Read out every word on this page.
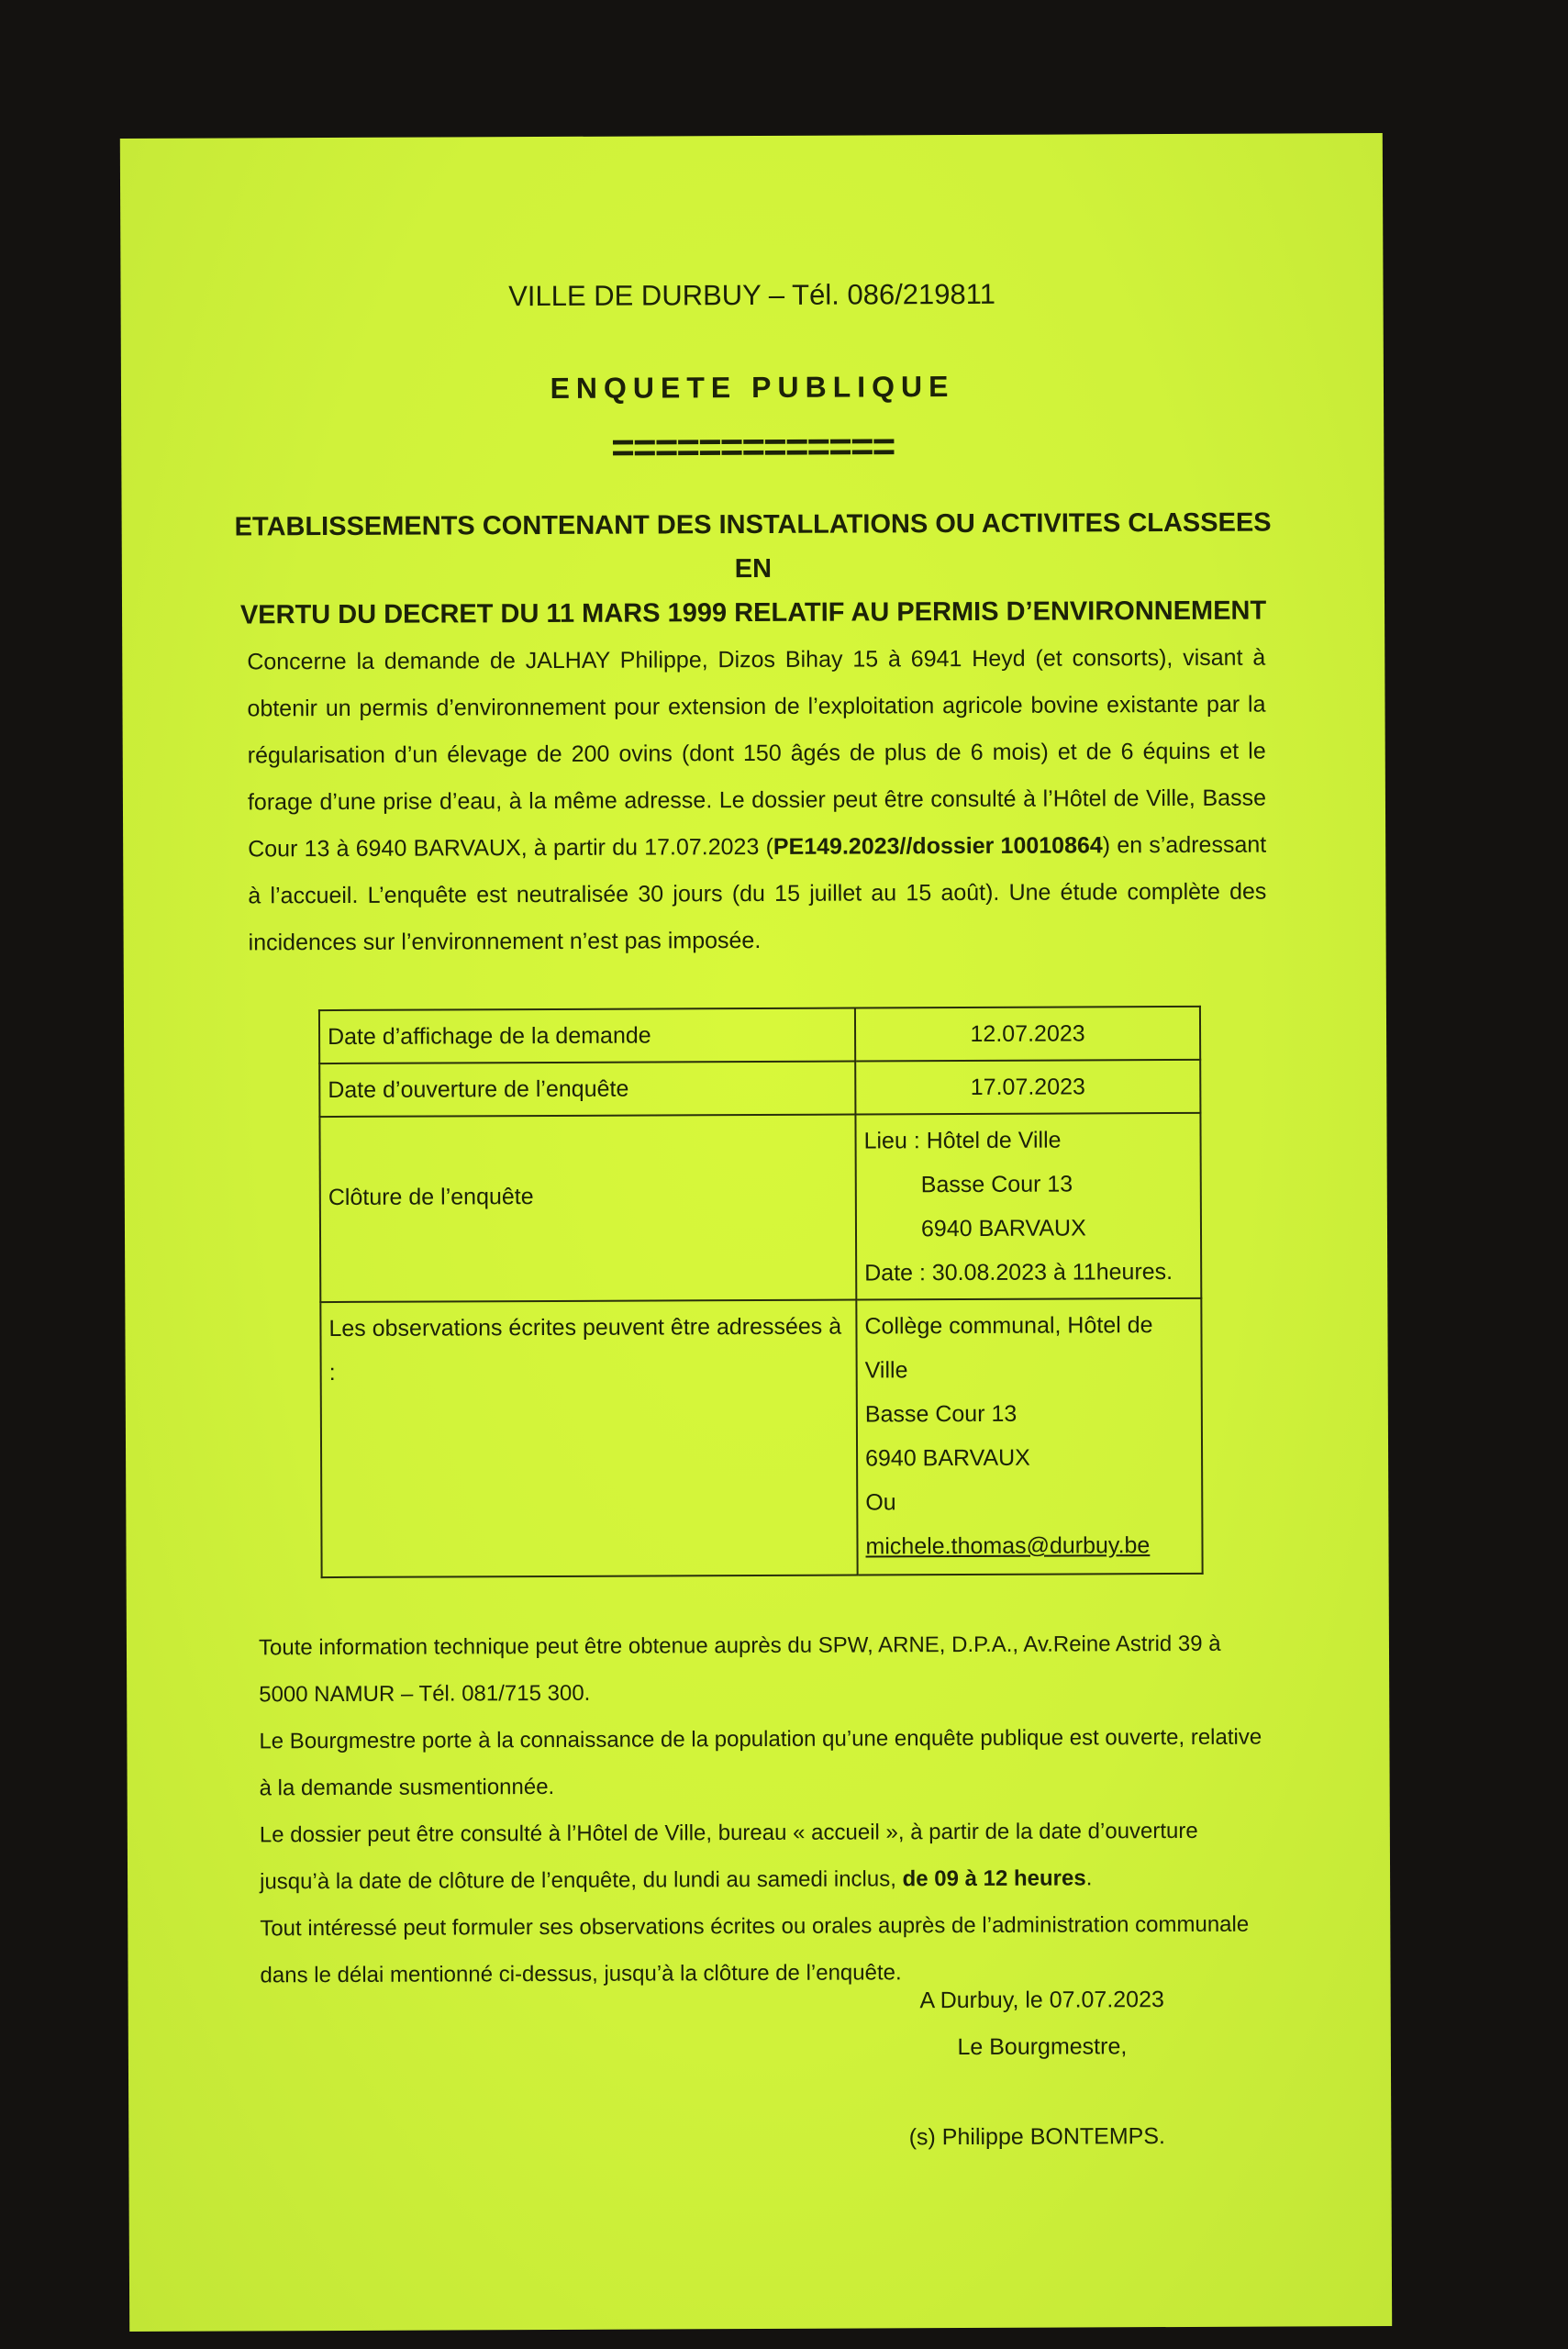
VILLE DE DURBUY – Tél. 086/219811
ENQUETE PUBLIQUE
=============
ETABLISSEMENTS CONTENANT DES INSTALLATIONS OU ACTIVITES CLASSEES EN
VERTU DU DECRET DU 11 MARS 1999 RELATIF AU PERMIS D’ENVIRONNEMENT

Concerne la demande de JALHAY Philippe, Dizos Bihay 15 à 6941 Heyd (et consorts), visant à obtenir un permis d’environnement pour extension de l’exploitation agricole bovine existante par la régularisation d’un élevage de 200 ovins (dont 150 âgés de plus de 6 mois) et de 6 équins et le forage d’une prise d’eau, à la même adresse. Le dossier peut être consulté à l’Hôtel de Ville, Basse Cour 13 à 6940 BARVAUX, à partir du 17.07.2023 (PE149.2023//dossier 10010864) en s’adressant à l’accueil. L’enquête est neutralisée 30 jours (du 15 juillet au 15 août). Une étude complète des incidences sur l’environnement n’est pas imposée.

Date d’affichage de la demande	12.07.2023
Date d’ouverture de l’enquête	17.07.2023
Clôture de l’enquête	Lieu : Hôtel de Ville
Basse Cour 13
6940 BARVAUX
Date : 30.08.2023 à 11heures.

Les observations écrites peuvent être adressées à :	Collège communal, Hôtel de Ville
Basse Cour 13
6940 BARVAUX
Ou
michele.thomas@durbuy.be

Toute information technique peut être obtenue auprès du SPW, ARNE, D.P.A., Av.Reine Astrid 39 à 5000 NAMUR – Tél. 081/715 300.

Le Bourgmestre porte à la connaissance de la population qu’une enquête publique est ouverte, relative à la demande susmentionnée.

Le dossier peut être consulté à l’Hôtel de Ville, bureau « accueil », à partir de la date d’ouverture jusqu’à la date de clôture de l’enquête, du lundi au samedi inclus, de 09 à 12 heures.

Tout intéressé peut formuler ses observations écrites ou orales auprès de l’administration communale dans le délai mentionné ci-dessus, jusqu’à la clôture de l’enquête.

A Durbuy, le 07.07.2023
Le Bourgmestre,
(s) Philippe BONTEMPS.
